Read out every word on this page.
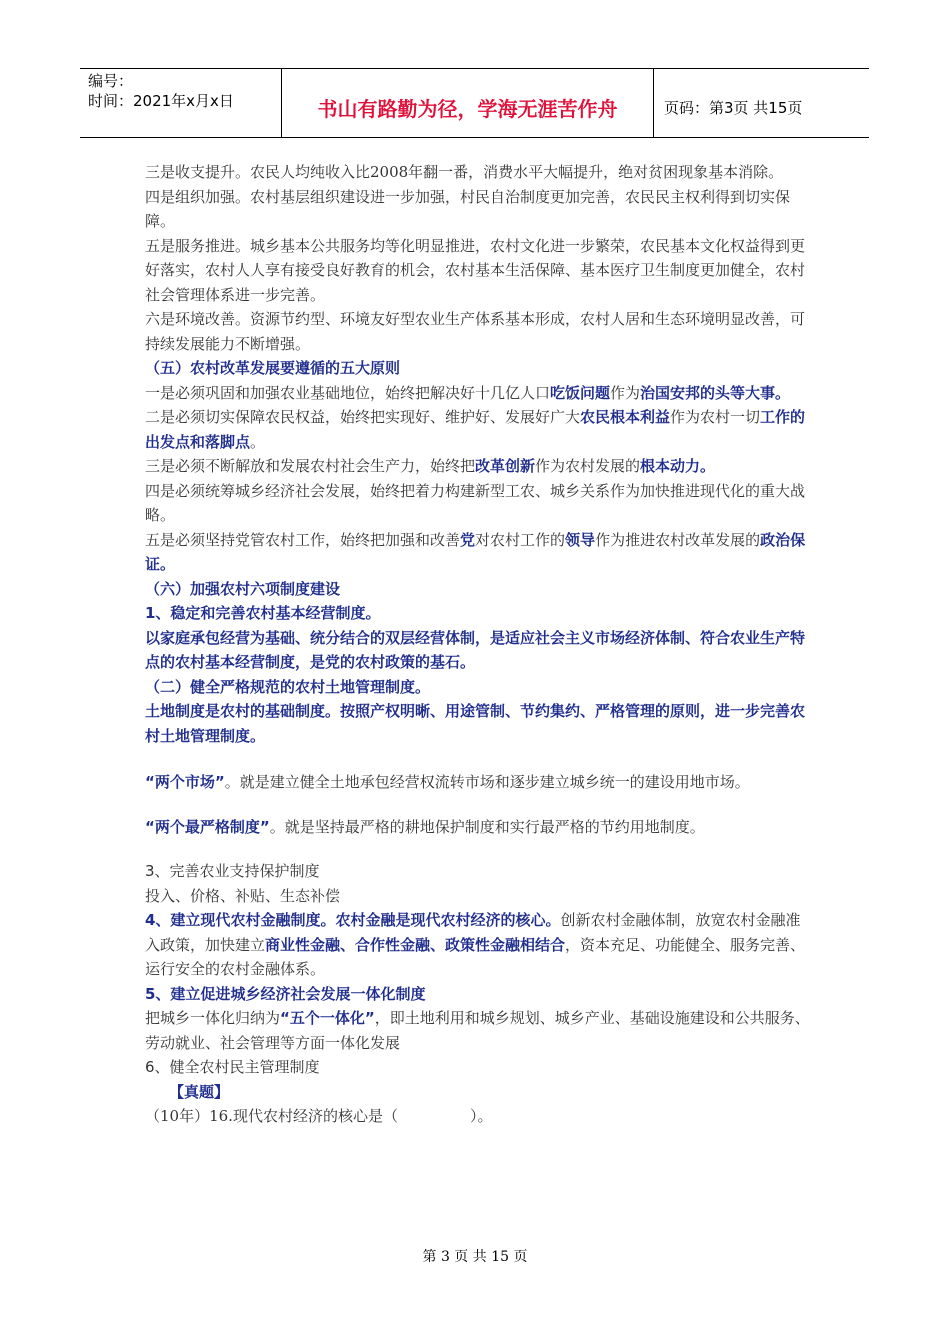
编号：
时间：2021年x月x日	书山有路勤为径，学海无涯苦作舟	页码：第3页 共15页

三是收支提升。农民人均纯收入比2008年翻一番，消费水平大幅提升，绝对贫困现象基本消除。

四是组织加强。农村基层组织建设进一步加强，村民自治制度更加完善，农民民主权利得到切实保障。

五是服务推进。城乡基本公共服务均等化明显推进，农村文化进一步繁荣，农民基本文化权益得到更好落实，农村人人享有接受良好教育的机会，农村基本生活保障、基本医疗卫生制度更加健全，农村社会管理体系进一步完善。

六是环境改善。资源节约型、环境友好型农业生产体系基本形成，农村人居和生态环境明显改善，可持续发展能力不断增强。

（五）农村改革发展要遵循的五大原则

一是必须巩固和加强农业基础地位，始终把解决好十几亿人口吃饭问题作为治国安邦的头等大事。

二是必须切实保障农民权益，始终把实现好、维护好、发展好广大农民根本利益作为农村一切工作的出发点和落脚点。

三是必须不断解放和发展农村社会生产力，始终把改革创新作为农村发展的根本动力。

四是必须统筹城乡经济社会发展，始终把着力构建新型工农、城乡关系作为加快推进现代化的重大战略。

五是必须坚持党管农村工作，始终把加强和改善党对农村工作的领导作为推进农村改革发展的政治保证。

（六）加强农村六项制度建设

1、稳定和完善农村基本经营制度。

以家庭承包经营为基础、统分结合的双层经营体制，是适应社会主义市场经济体制、符合农业生产特点的农村基本经营制度，是党的农村政策的基石。

（二）健全严格规范的农村土地管理制度。

土地制度是农村的基础制度。按照产权明晰、用途管制、节约集约、严格管理的原则，进一步完善农村土地管理制度。

“两个市场”。就是建立健全土地承包经营权流转市场和逐步建立城乡统一的建设用地市场。

“两个最严格制度”。就是坚持最严格的耕地保护制度和实行最严格的节约用地制度。

3、完善农业支持保护制度

投入、价格、补贴、生态补偿

4、建立现代农村金融制度。农村金融是现代农村经济的核心。创新农村金融体制，放宽农村金融准入政策，加快建立商业性金融、合作性金融、政策性金融相结合，资本充足、功能健全、服务完善、运行安全的农村金融体系。

5、建立促进城乡经济社会发展一体化制度

把城乡一体化归纳为“五个一体化”，即土地利用和城乡规划、城乡产业、基础设施建设和公共服务、劳动就业、社会管理等方面一体化发展

6、健全农村民主管理制度

【真题】

（10年）16.现代农村经济的核心是（	）。

第 3 页 共 15 页
